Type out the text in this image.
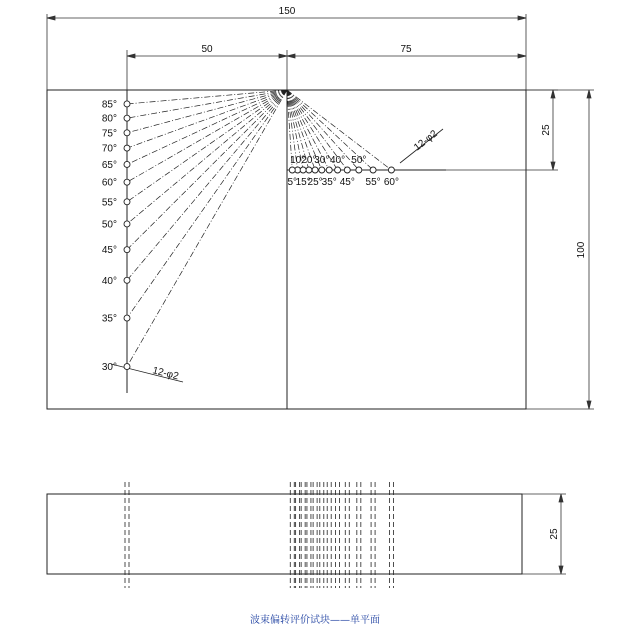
85°
80°
75°
70°
65°
60°
55°
50°
45°
40°
35°
30°
10°
20°
30° 40° 50°
5°
15°
25°
35° 45° 55° 60°
150
50	75
25
100
25
12-φ2
12-φ2
波束偏转评价试块——单平面
